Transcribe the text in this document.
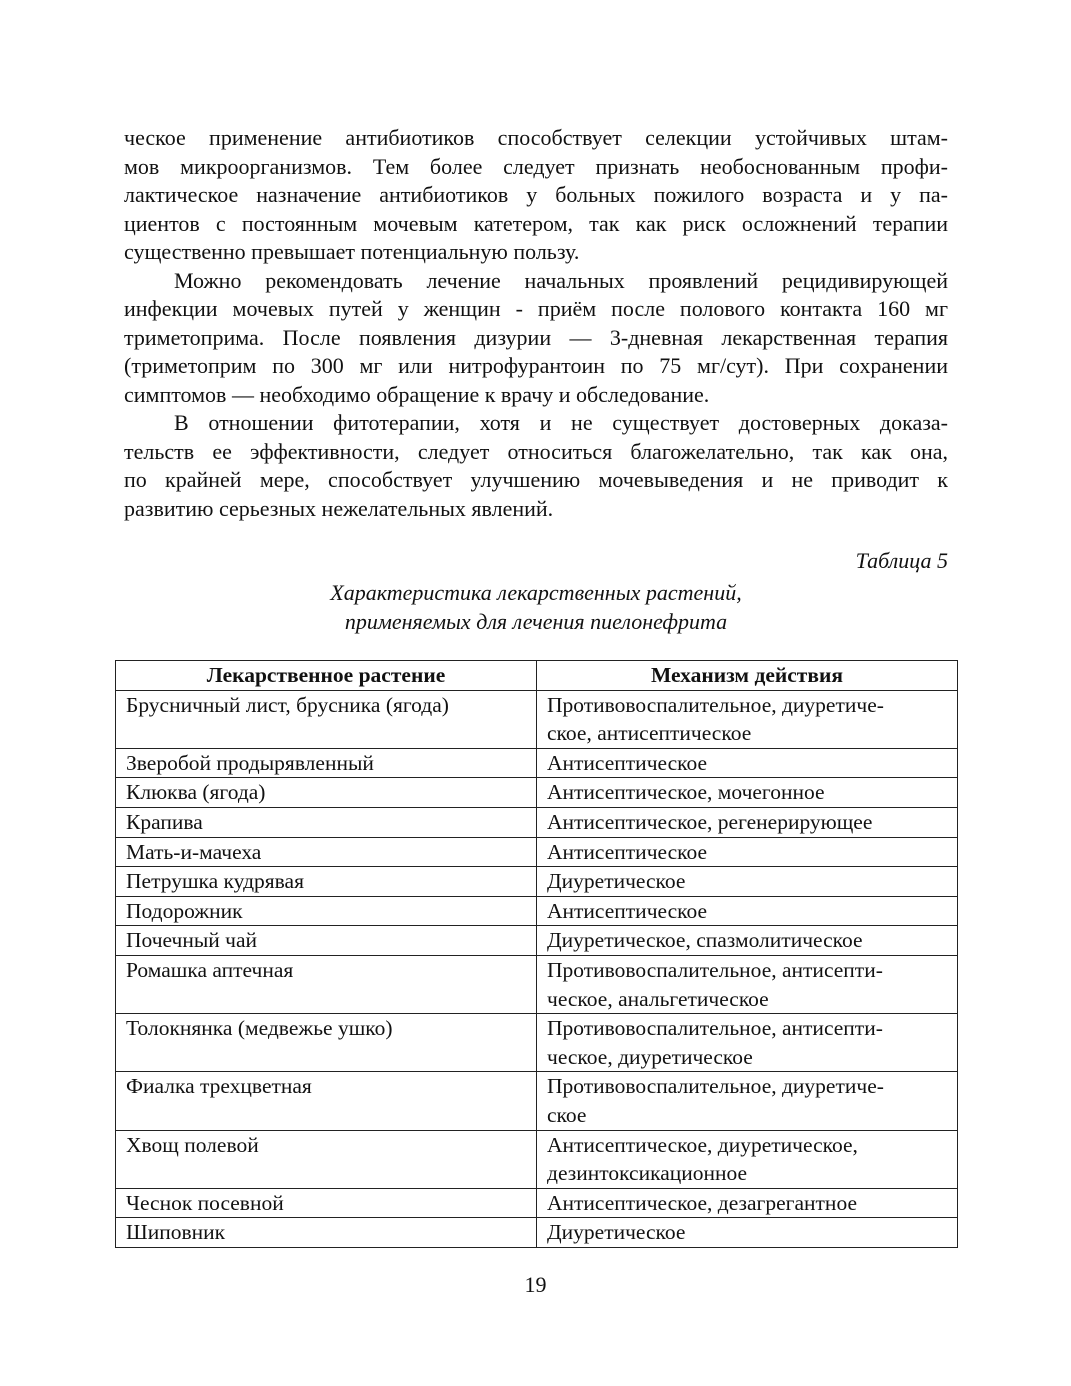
ческое применение антибиотиков способствует селекции устойчивых штам-
мов микроорганизмов. Тем более следует признать необоснованным профи-
лактическое назначение антибиотиков у больных пожилого возраста и у па-
циентов с постоянным мочевым катетером, так как риск осложнений терапии
существенно превышает потенциальную пользу.
Можно рекомендовать лечение начальных проявлений рецидивирующей
инфекции мочевых путей у женщин - приём после полового контакта 160 мг
триметоприма. После появления дизурии — 3-дневная лекарственная терапия
(триметоприм по 300 мг или нитрофурантоин по 75 мг/сут). При сохранении
симптомов — необходимо обращение к врачу и обследование.
В отношении фитотерапии, хотя и не существует достоверных доказа-
тельств ее эффективности, следует относиться благожелательно, так как она,
по крайней мере, способствует улучшению мочевыведения и не приводит к
развитию серьезных нежелательных явлений.
Таблица 5
Характеристика лекарственных растений,
применяемых для лечения пиелонефрита
Лекарственное растение	Механизм действия
Брусничный лист, брусника (ягода)	Противовоспалительное, диуретиче-
ское, антисептическое

Зверобой продырявленный	Антисептическое

Клюква (ягода)	Антисептическое, мочегонное

Крапива	Антисептическое, регенерирующее

Мать-и-мачеха	Антисептическое

Петрушка кудрявая	Диуретическое

Подорожник	Антисептическое

Почечный чай	Диуретическое, спазмолитическое

Ромашка аптечная	Противовоспалительное, антисепти-
ческое, анальгетическое

Толокнянка (медвежье ушко)	Противовоспалительное, антисепти-
ческое, диуретическое

Фиалка трехцветная	Противовоспалительное, диуретиче-
ское

Хвощ полевой	Антисептическое, диуретическое,
дезинтоксикационное

Чеснок посевной	Антисептическое, дезагрегантное

Шиповник	Диуретическое
19
